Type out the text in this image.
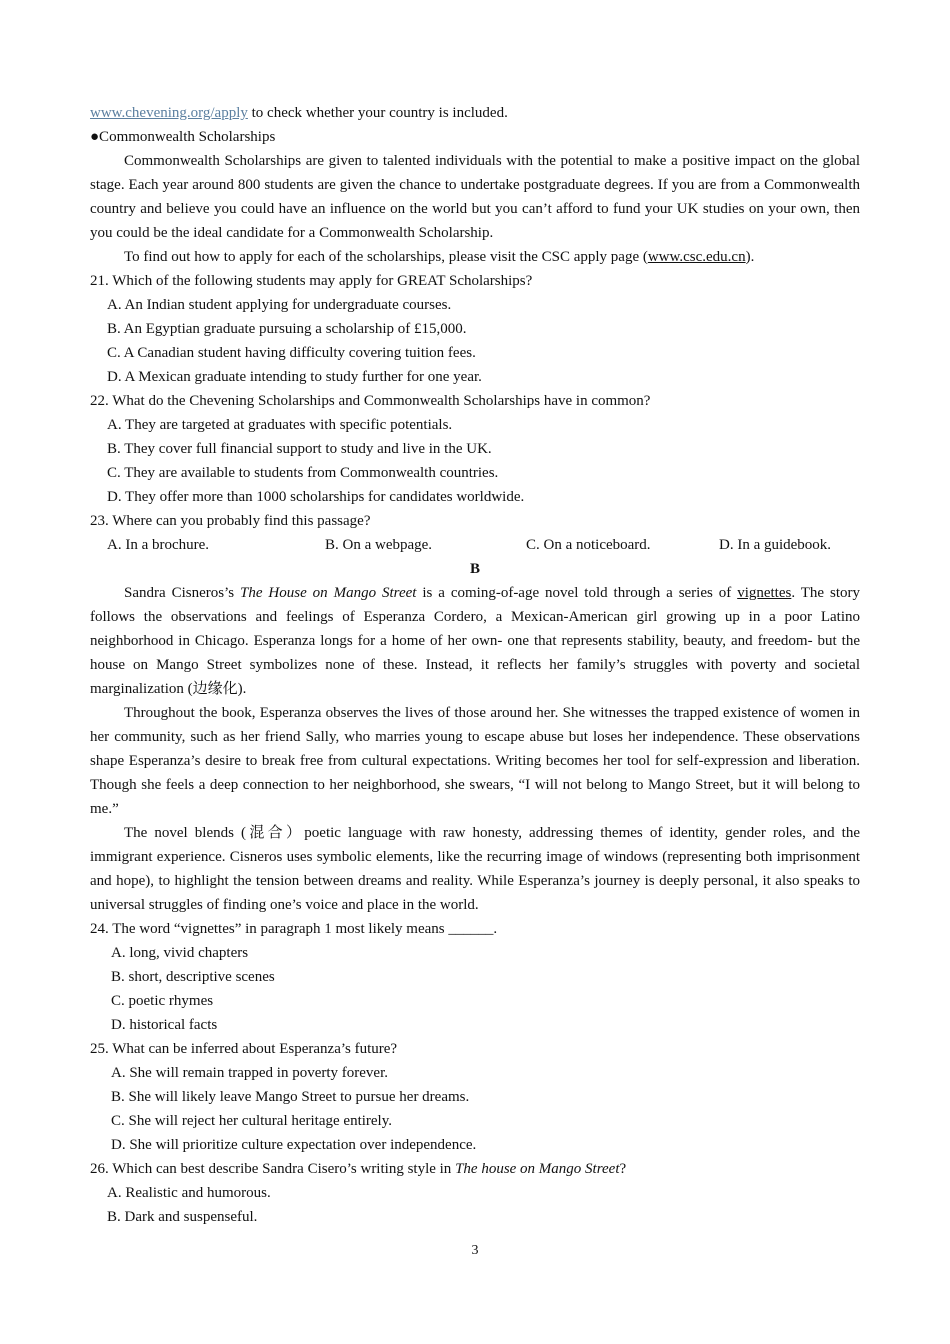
www.chevening.org/apply to check whether your country is included.
●Commonwealth Scholarships
Commonwealth Scholarships are given to talented individuals with the potential to make a positive impact on the global stage. Each year around 800 students are given the chance to undertake postgraduate degrees. If you are from a Commonwealth country and believe you could have an influence on the world but you can’t afford to fund your UK studies on your own, then you could be the ideal candidate for a Commonwealth Scholarship.
To find out how to apply for each of the scholarships, please visit the CSC apply page (www.csc.edu.cn).
21. Which of the following students may apply for GREAT Scholarships?
A. An Indian student applying for undergraduate courses.
B. An Egyptian graduate pursuing a scholarship of £15,000.
C. A Canadian student having difficulty covering tuition fees.
D. A Mexican graduate intending to study further for one year.
22. What do the Chevening Scholarships and Commonwealth Scholarships have in common?
A. They are targeted at graduates with specific potentials.
B. They cover full financial support to study and live in the UK.
C. They are available to students from Commonwealth countries.
D. They offer more than 1000 scholarships for candidates worldwide.
23. Where can you probably find this passage?
A. In a brochure.	B. On a webpage.	C. On a noticeboard.	D. In a guidebook.
B
Sandra Cisneros’s The House on Mango Street is a coming-of-age novel told through a series of vignettes. The story follows the observations and feelings of Esperanza Cordero, a Mexican-American girl growing up in a poor Latino neighborhood in Chicago. Esperanza longs for a home of her own- one that represents stability, beauty, and freedom- but the house on Mango Street symbolizes none of these. Instead, it reflects her family’s struggles with poverty and societal marginalization (边缘化).
Throughout the book, Esperanza observes the lives of those around her. She witnesses the trapped existence of women in her community, such as her friend Sally, who marries young to escape abuse but loses her independence. These observations shape Esperanza’s desire to break free from cultural expectations. Writing becomes her tool for self-expression and liberation. Though she feels a deep connection to her neighborhood, she swears, “I will not belong to Mango Street, but it will belong to me.”
The novel blends (混合）poetic language with raw honesty, addressing themes of identity, gender roles, and the immigrant experience. Cisneros uses symbolic elements, like the recurring image of windows (representing both imprisonment and hope), to highlight the tension between dreams and reality. While Esperanza’s journey is deeply personal, it also speaks to universal struggles of finding one’s voice and place in the world.
24. The word “vignettes” in paragraph 1 most likely means ______.
A. long, vivid chapters
B. short, descriptive scenes
C. poetic rhymes
D. historical facts
25. What can be inferred about Esperanza’s future?
A. She will remain trapped in poverty forever.
B. She will likely leave Mango Street to pursue her dreams.
C. She will reject her cultural heritage entirely.
D. She will prioritize culture expectation over independence.
26. Which can best describe Sandra Cisero’s writing style in The house on Mango Street?
A. Realistic and humorous.
B. Dark and suspenseful.
3
